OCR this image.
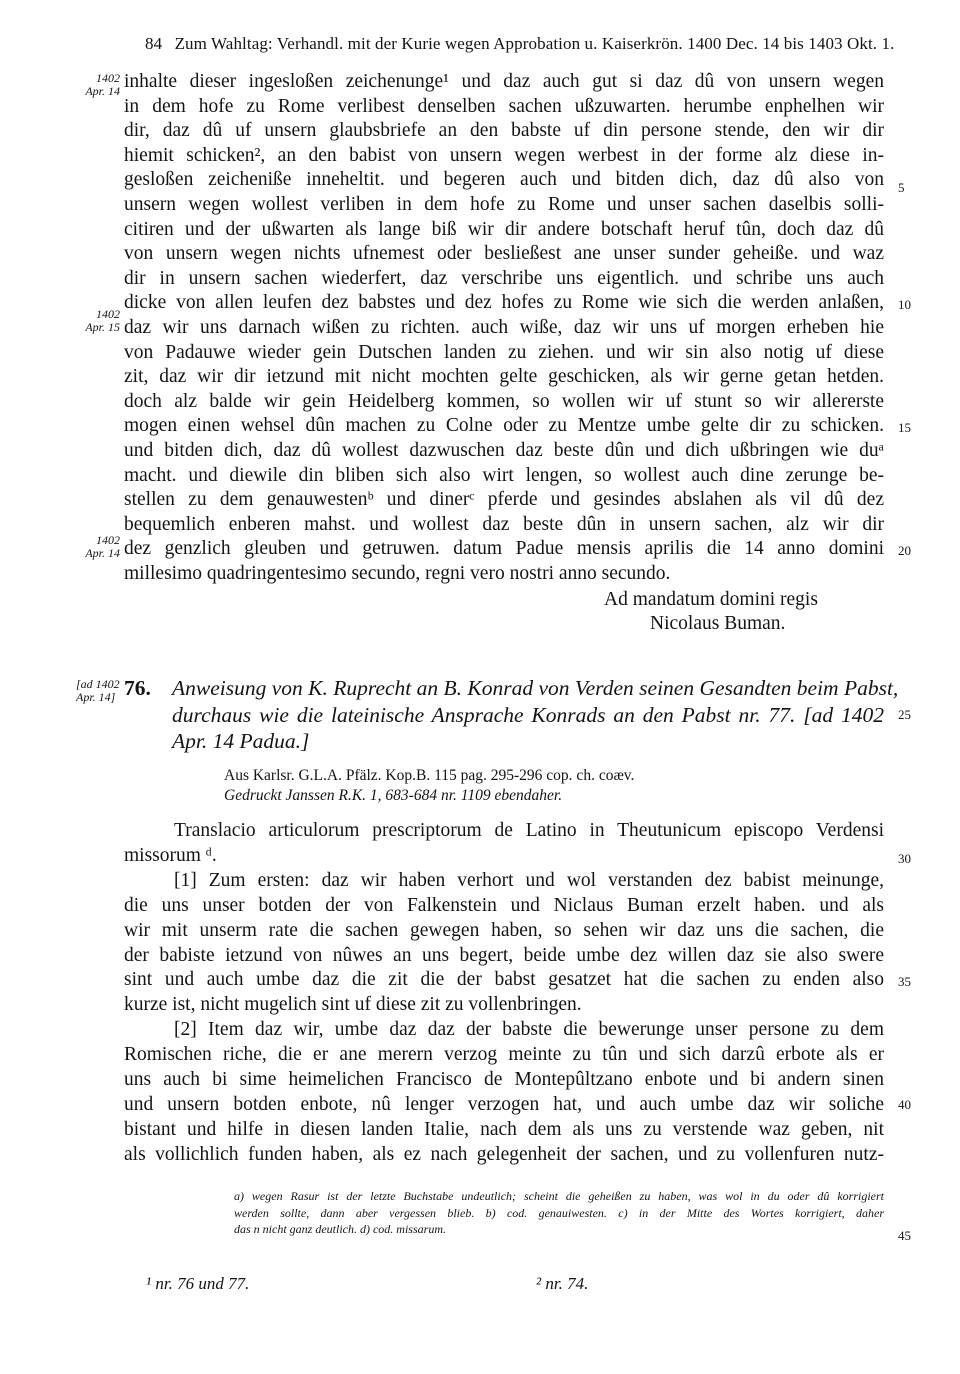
84 Zum Wahltag: Verhandl. mit der Kurie wegen Approbation u. Kaiserkrön. 1400 Dec. 14 bis 1403 Okt. 1.
1402
Apr. 14
1402
Apr. 15
1402
Apr. 14
[ad 1402
Apr. 14]
5
10
15
20
25
30
35
40
45
inhalte dieser ingesloßen zeichenunge¹ und daz auch gut si daz dû von unsern wegen
in dem hofe zu Rome verlibest denselben sachen ußzuwarten. herumbe enphelhen wir
dir, daz dû uf unsern glaubsbriefe an den babste uf din persone stende, den wir dir
hiemit schicken², an den babist von unsern wegen werbest in der forme alz diese in-
gesloßen zeicheniße inneheltit. und begeren auch und bitden dich, daz dû also von
unsern wegen wollest verliben in dem hofe zu Rome und unser sachen daselbis solli-
citiren und der ußwarten als lange biß wir dir andere botschaft heruf tûn, doch daz dû
von unsern wegen nichts ufnemest oder besließest ane unser sunder geheiße. und waz
dir in unsern sachen wiederfert, daz verschribe uns eigentlich. und schribe uns auch
dicke von allen leufen dez babstes und dez hofes zu Rome wie sich die werden anlaßen,
daz wir uns darnach wißen zu richten. auch wiße, daz wir uns uf morgen erheben hie
von Padauwe wieder gein Dutschen landen zu ziehen. und wir sin also notig uf diese
zit, daz wir dir ietzund mit nicht mochten gelte geschicken, als wir gerne getan hetden.
doch alz balde wir gein Heidelberg kommen, so wollen wir uf stunt so wir allererste
mogen einen wehsel dûn machen zu Colne oder zu Mentze umbe gelte dir zu schicken.
und bitden dich, daz dû wollest dazwuschen daz beste dûn und dich ußbringen wie duᵃ
macht. und diewile din bliben sich also wirt lengen, so wollest auch dine zerunge be-
stellen zu dem genauwestenᵇ und dinerᶜ pferde und gesindes abslahen als vil dû dez
bequemlich enberen mahst. und wollest daz beste dûn in unsern sachen, alz wir dir
dez genzlich gleuben und getruwen. datum Padue mensis aprilis die 14 anno domini
millesimo quadringentesimo secundo, regni vero nostri anno secundo.
Ad mandatum domini regis
Nicolaus Buman.
76. Anweisung von K. Ruprecht an B. Konrad von Verden seinen Gesandten beim Pabst,
durchaus wie die lateinische Ansprache Konrads an den Pabst nr. 77. [ad 1402
Apr. 14 Padua.]
Aus Karlsr. G.L.A. Pfälz. Kop.B. 115 pag. 295-296 cop. ch. coæv.
Gedruckt Janssen R.K. 1, 683-684 nr. 1109 ebendaher.
Translacio articulorum prescriptorum de Latino in Theutunicum episcopo Verdensi
missorum ᵈ.
[1] Zum ersten: daz wir haben verhort und wol verstanden dez babist meinunge,
die uns unser botden der von Falkenstein und Niclaus Buman erzelt haben. und als
wir mit unserm rate die sachen gewegen haben, so sehen wir daz uns die sachen, die
der babiste ietzund von nûwes an uns begert, beide umbe dez willen daz sie also swere
sint und auch umbe daz die zit die der babst gesatzet hat die sachen zu enden also
kurze ist, nicht mugelich sint uf diese zit zu vollenbringen.
[2] Item daz wir, umbe daz daz der babste die bewerunge unser persone zu dem
Romischen riche, die er ane merern verzog meinte zu tûn und sich darzû erbote als er
uns auch bi sime heimelichen Francisco de Montepûltzano enbote und bi andern sinen
und unsern botden enbote, nû lenger verzogen hat, und auch umbe daz wir soliche
bistant und hilfe in diesen landen Italie, nach dem als uns zu verstende waz geben, nit
als vollichlich funden haben, als ez nach gelegenheit der sachen, und zu vollenfuren nutz-
a) wegen Rasur ist der letzte Buchstabe undeutlich; scheint die geheißen zu haben, was wol in du oder dû korrigiert
werden sollte, dann aber vergessen blieb. b) cod. genauiwesten. c) in der Mitte des Wortes korrigiert, daher
das n nicht ganz deutlich. d) cod. missarum.
¹ nr. 76 und 77.	² nr. 74.
